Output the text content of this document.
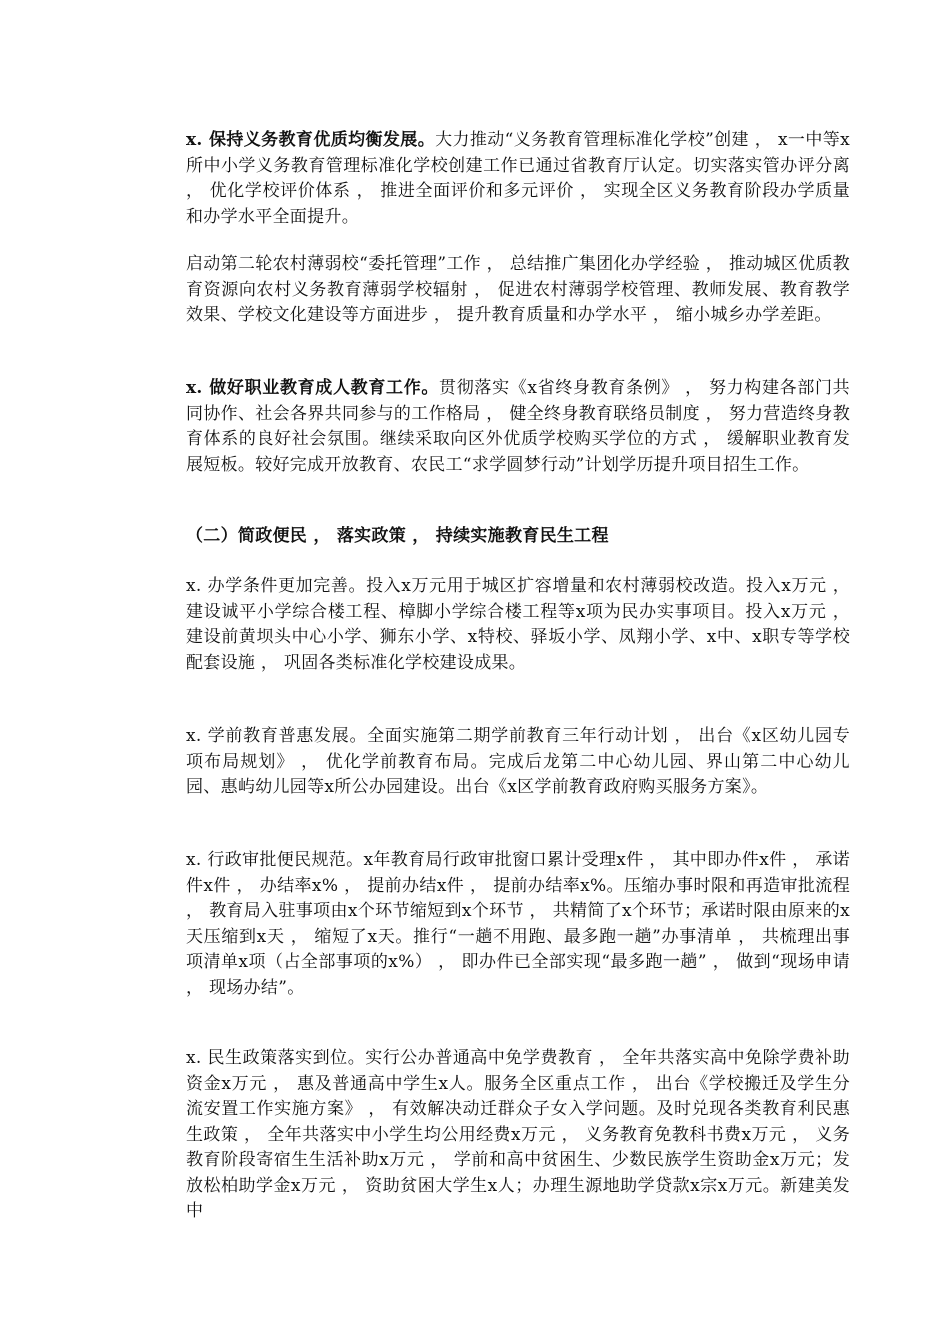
x. 保持义务教育优质均衡发展。大力推动“义务教育管理标准化学校”创建 ， x一中等x所中小学义务教育管理标准化学校创建工作已通过省教育厅认定。切实落实管办评分离 ， 优化学校评价体系 ， 推进全面评价和多元评价 ， 实现全区义务教育阶段办学质量和办学水平全面提升。

启动第二轮农村薄弱校“委托管理”工作 ， 总结推广集团化办学经验 ， 推动城区优质教育资源向农村义务教育薄弱学校辐射 ， 促进农村薄弱学校管理、教师发展、教育教学效果、学校文化建设等方面进步 ， 提升教育质量和办学水平 ， 缩小城乡办学差距。

x. 做好职业教育成人教育工作。贯彻落实《x省终身教育条例》 ， 努力构建各部门共同协作、社会各界共同参与的工作格局 ， 健全终身教育联络员制度 ， 努力营造终身教育体系的良好社会氛围。继续采取向区外优质学校购买学位的方式 ， 缓解职业教育发展短板。较好完成开放教育、农民工“求学圆梦行动”计划学历提升项目招生工作。

（二）简政便民 ， 落实政策 ， 持续实施教育民生工程

x. 办学条件更加完善。投入x万元用于城区扩容增量和农村薄弱校改造。投入x万元 ， 建设诚平小学综合楼工程、樟脚小学综合楼工程等x项为民办实事项目。投入x万元 ， 建设前黄坝头中心小学、狮东小学、x特校、驿坂小学、凤翔小学、x中、x职专等学校配套设施 ， 巩固各类标准化学校建设成果。

x. 学前教育普惠发展。全面实施第二期学前教育三年行动计划 ， 出台《x区幼儿园专项布局规划》 ， 优化学前教育布局。完成后龙第二中心幼儿园、界山第二中心幼儿园、惠屿幼儿园等x所公办园建设。出台《x区学前教育政府购买服务方案》。

x. 行政审批便民规范。x年教育局行政审批窗口累计受理x件 ， 其中即办件x件 ， 承诺件x件 ， 办结率x% ， 提前办结x件 ， 提前办结率x%。压缩办事时限和再造审批流程 ， 教育局入驻事项由x个环节缩短到x个环节 ， 共精简了x个环节；承诺时限由原来的x天压缩到x天 ， 缩短了x天。推行“一趟不用跑、最多跑一趟”办事清单 ， 共梳理出事项清单x项（占全部事项的x%） ， 即办件已全部实现“最多跑一趟” ， 做到“现场申请 ， 现场办结”。

x. 民生政策落实到位。实行公办普通高中免学费教育 ， 全年共落实高中免除学费补助资金x万元 ， 惠及普通高中学生x人。服务全区重点工作 ， 出台《学校搬迁及学生分流安置工作实施方案》 ， 有效解决动迁群众子女入学问题。及时兑现各类教育利民惠生政策 ， 全年共落实中小学生均公用经费x万元 ， 义务教育免教科书费x万元 ， 义务教育阶段寄宿生生活补助x万元 ， 学前和高中贫困生、少数民族学生资助金x万元；发放松柏助学金x万元 ， 资助贫困大学生x人；办理生源地助学贷款x宗x万元。新建美发中
